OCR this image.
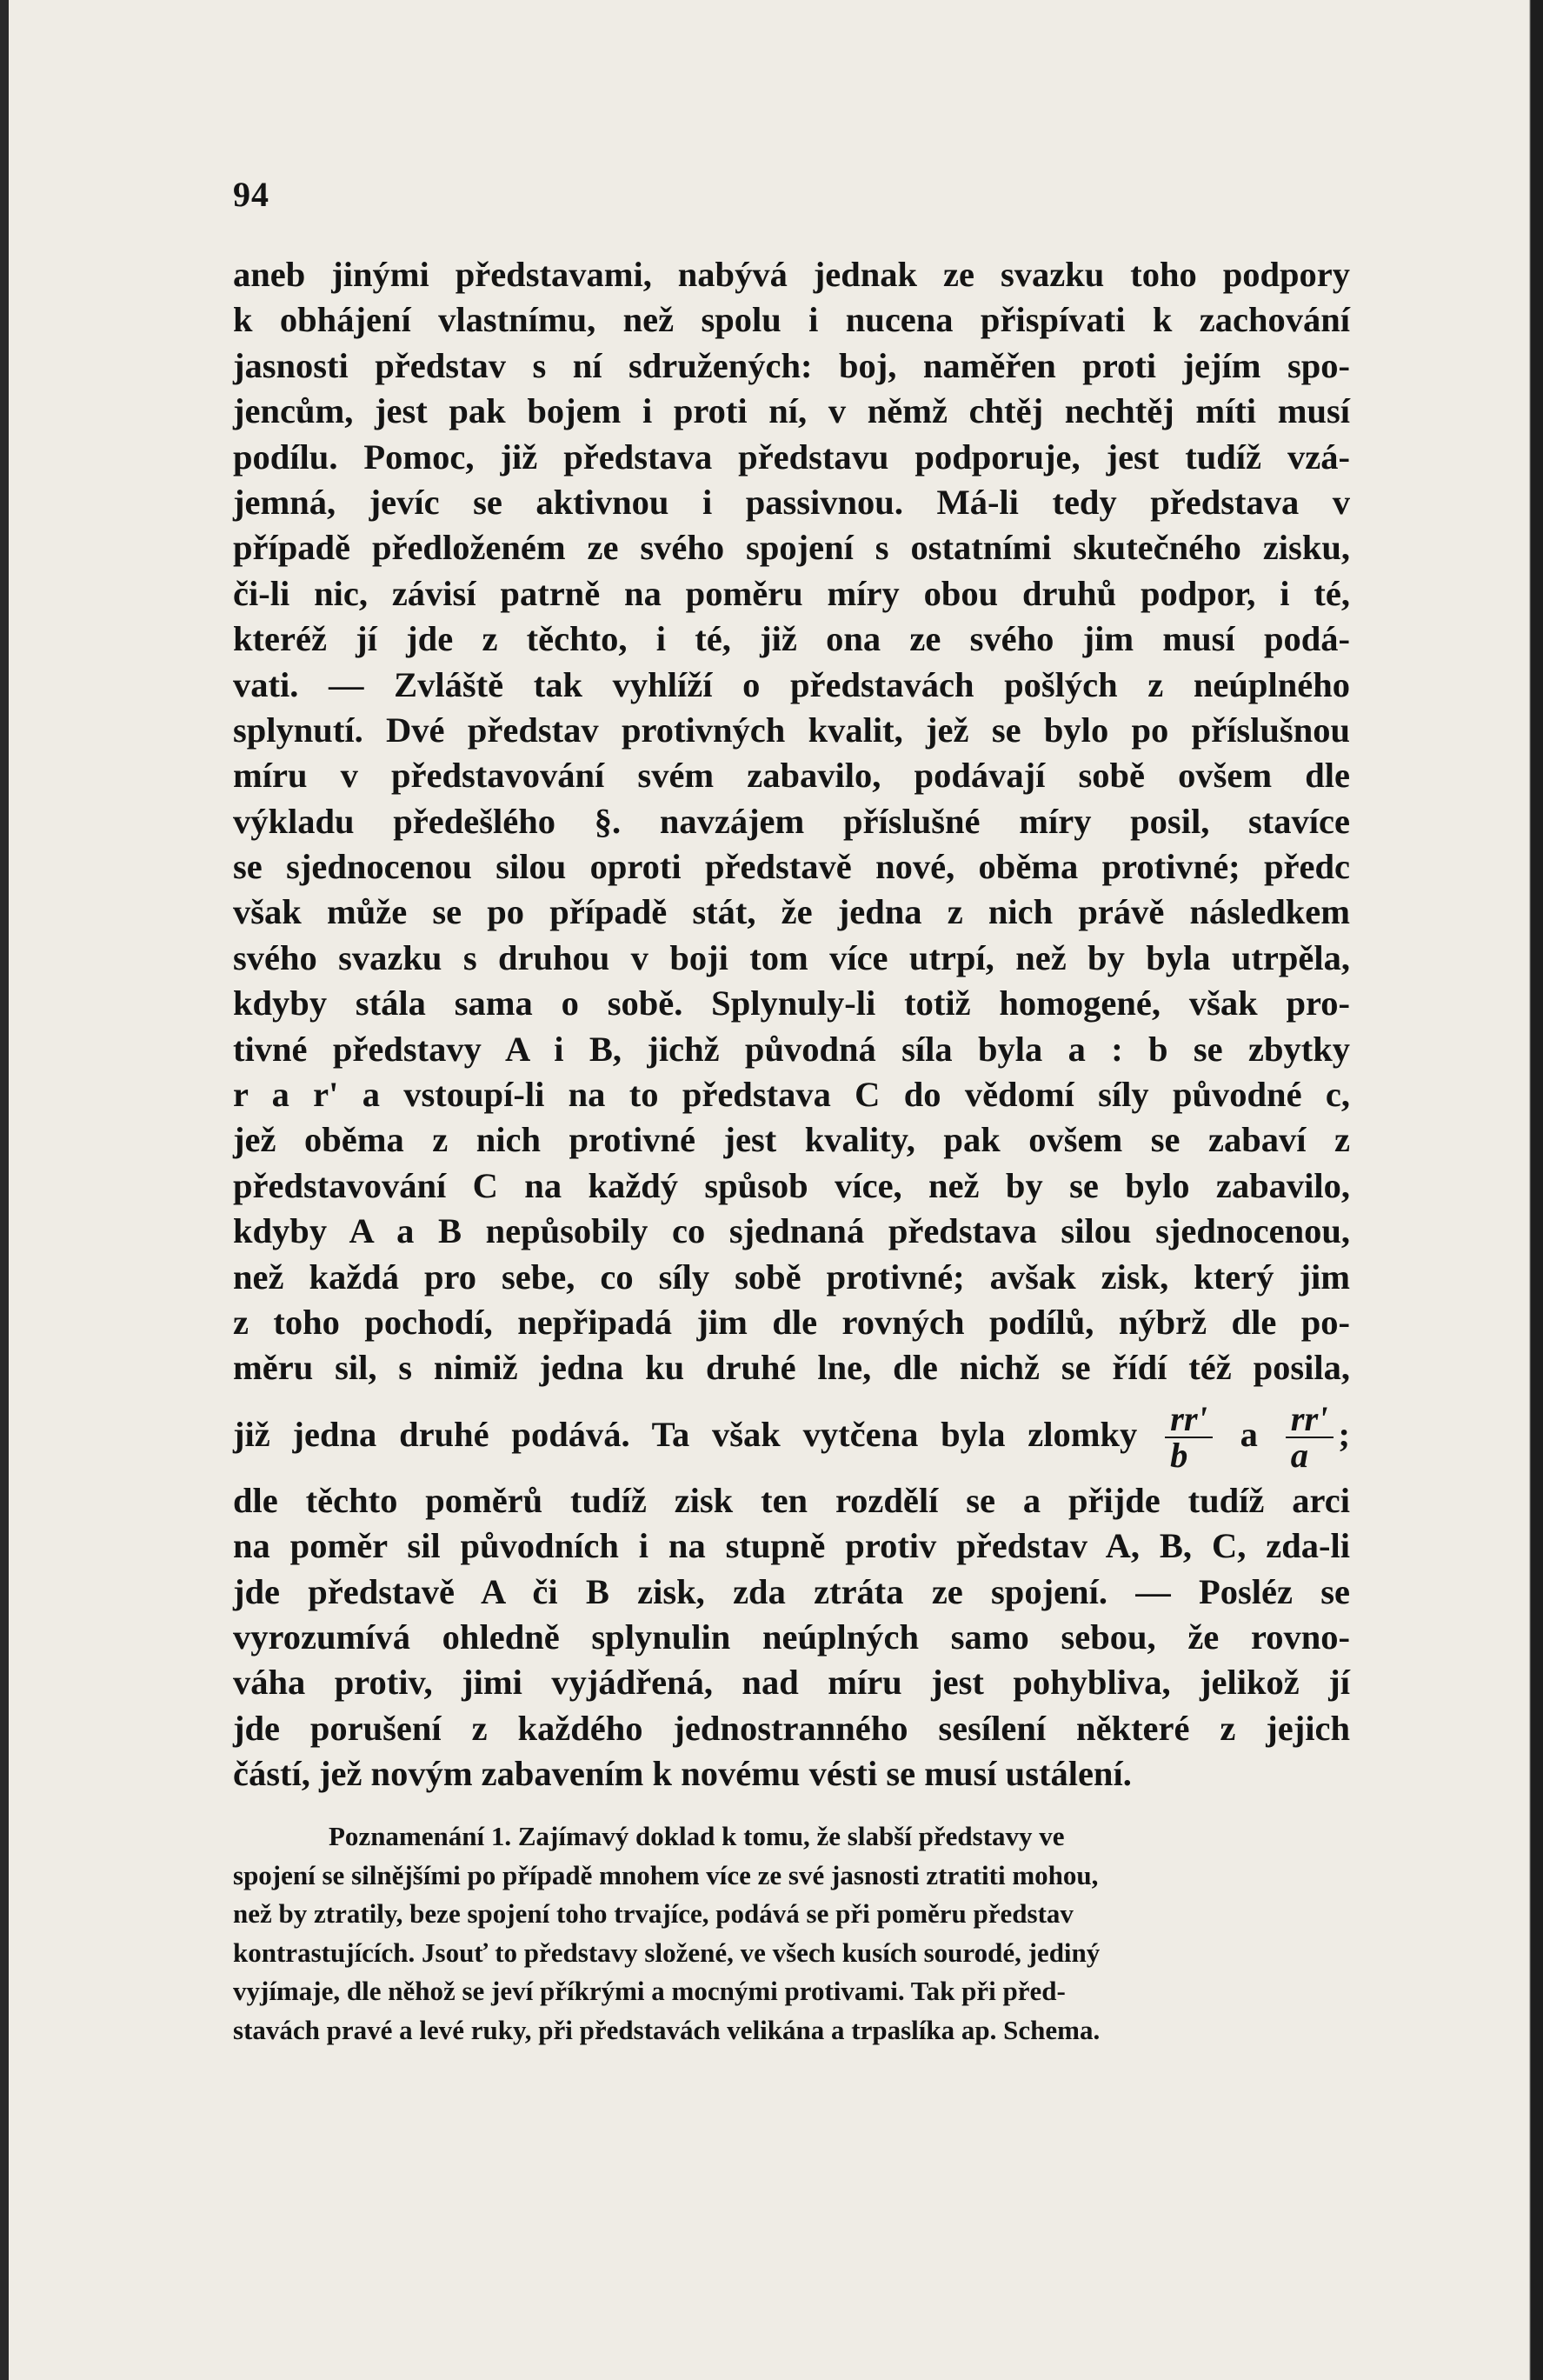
94
aneb jinými představami, nabývá jednak ze svazku toho podpory
k obhájení vlastnímu, než spolu i nucena přispívati k zachování
jasnosti představ s ní sdružených: boj, naměřen proti jejím spo-
jencům, jest pak bojem i proti ní, v němž chtěj nechtěj míti musí
podílu. Pomoc, již představa představu podporuje, jest tudíž vzá-
jemná, jevíc se aktivnou i passivnou. Má-li tedy představa v
případě předloženém ze svého spojení s ostatními skutečného zisku,
či-li nic, závisí patrně na poměru míry obou druhů podpor, i té,
kteréž jí jde z těchto, i té, již ona ze svého jim musí podá-
vati. — Zvláště tak vyhlíží o představách pošlých z neúplného
splynutí. Dvé představ protivných kvalit, jež se bylo po příslušnou
míru v představování svém zabavilo, podávají sobě ovšem dle
výkladu předešlého §. navzájem příslušné míry posil, stavíce
se sjednocenou silou oproti představě nové, oběma protivné; předc
však může se po případě stát, že jedna z nich právě následkem
svého svazku s druhou v boji tom více utrpí, než by byla utrpěla,
kdyby stála sama o sobě. Splynuly-li totiž homogené, však pro-
tivné představy A i B, jichž původná síla byla a : b se zbytky
r a r' a vstoupí-li na to představa C do vědomí síly původné c,
jež oběma z nich protivné jest kvality, pak ovšem se zabaví z
představování C na každý spůsob více, než by se bylo zabavilo,
kdyby A a B nepůsobily co sjednaná představa silou sjednocenou,
než každá pro sebe, co síly sobě protivné; avšak zisk, který jim
z toho pochodí, nepřipadá jim dle rovných podílů, nýbrž dle po-
měru sil, s nimiž jedna ku druhé lne, dle nichž se řídí též posila,
již jedna druhé podává. Ta však vytčena byla zlomky $\frac{rr'}{b}$ a $\frac{rr'}{a}$ ;
dle těchto poměrů tudíž zisk ten rozdělí se a přijde tudíž arci
na poměr sil původních i na stupně protiv představ A, B, C, zda-li
jde představě A či B zisk, zda ztráta ze spojení. — Posléz se
vyrozumívá ohledně splynulin neúplných samo sebou, že rovno-
váha protiv, jimi vyjádřená, nad míru jest pohybliva, jelikož jí
jde porušení z každého jednostranného sesílení některé z jejich
částí, jež novým zabavením k novému vésti se musí ustálení.
Poznamenání 1. Zajímavý doklad k tomu, že slabší představy ve
spojení se silnějšími po případě mnohem více ze své jasnosti ztratiti mohou,
než by ztratily, beze spojení toho trvajíce, podává se při poměru představ
kontrastujících. Jsouť to představy složené, ve všech kusích sourodé, jediný
vyjímaje, dle něhož se jeví příkrými a mocnými protivami. Tak při před-
stavách pravé a levé ruky, při představách velikána a trpaslíka ap. Schema.
